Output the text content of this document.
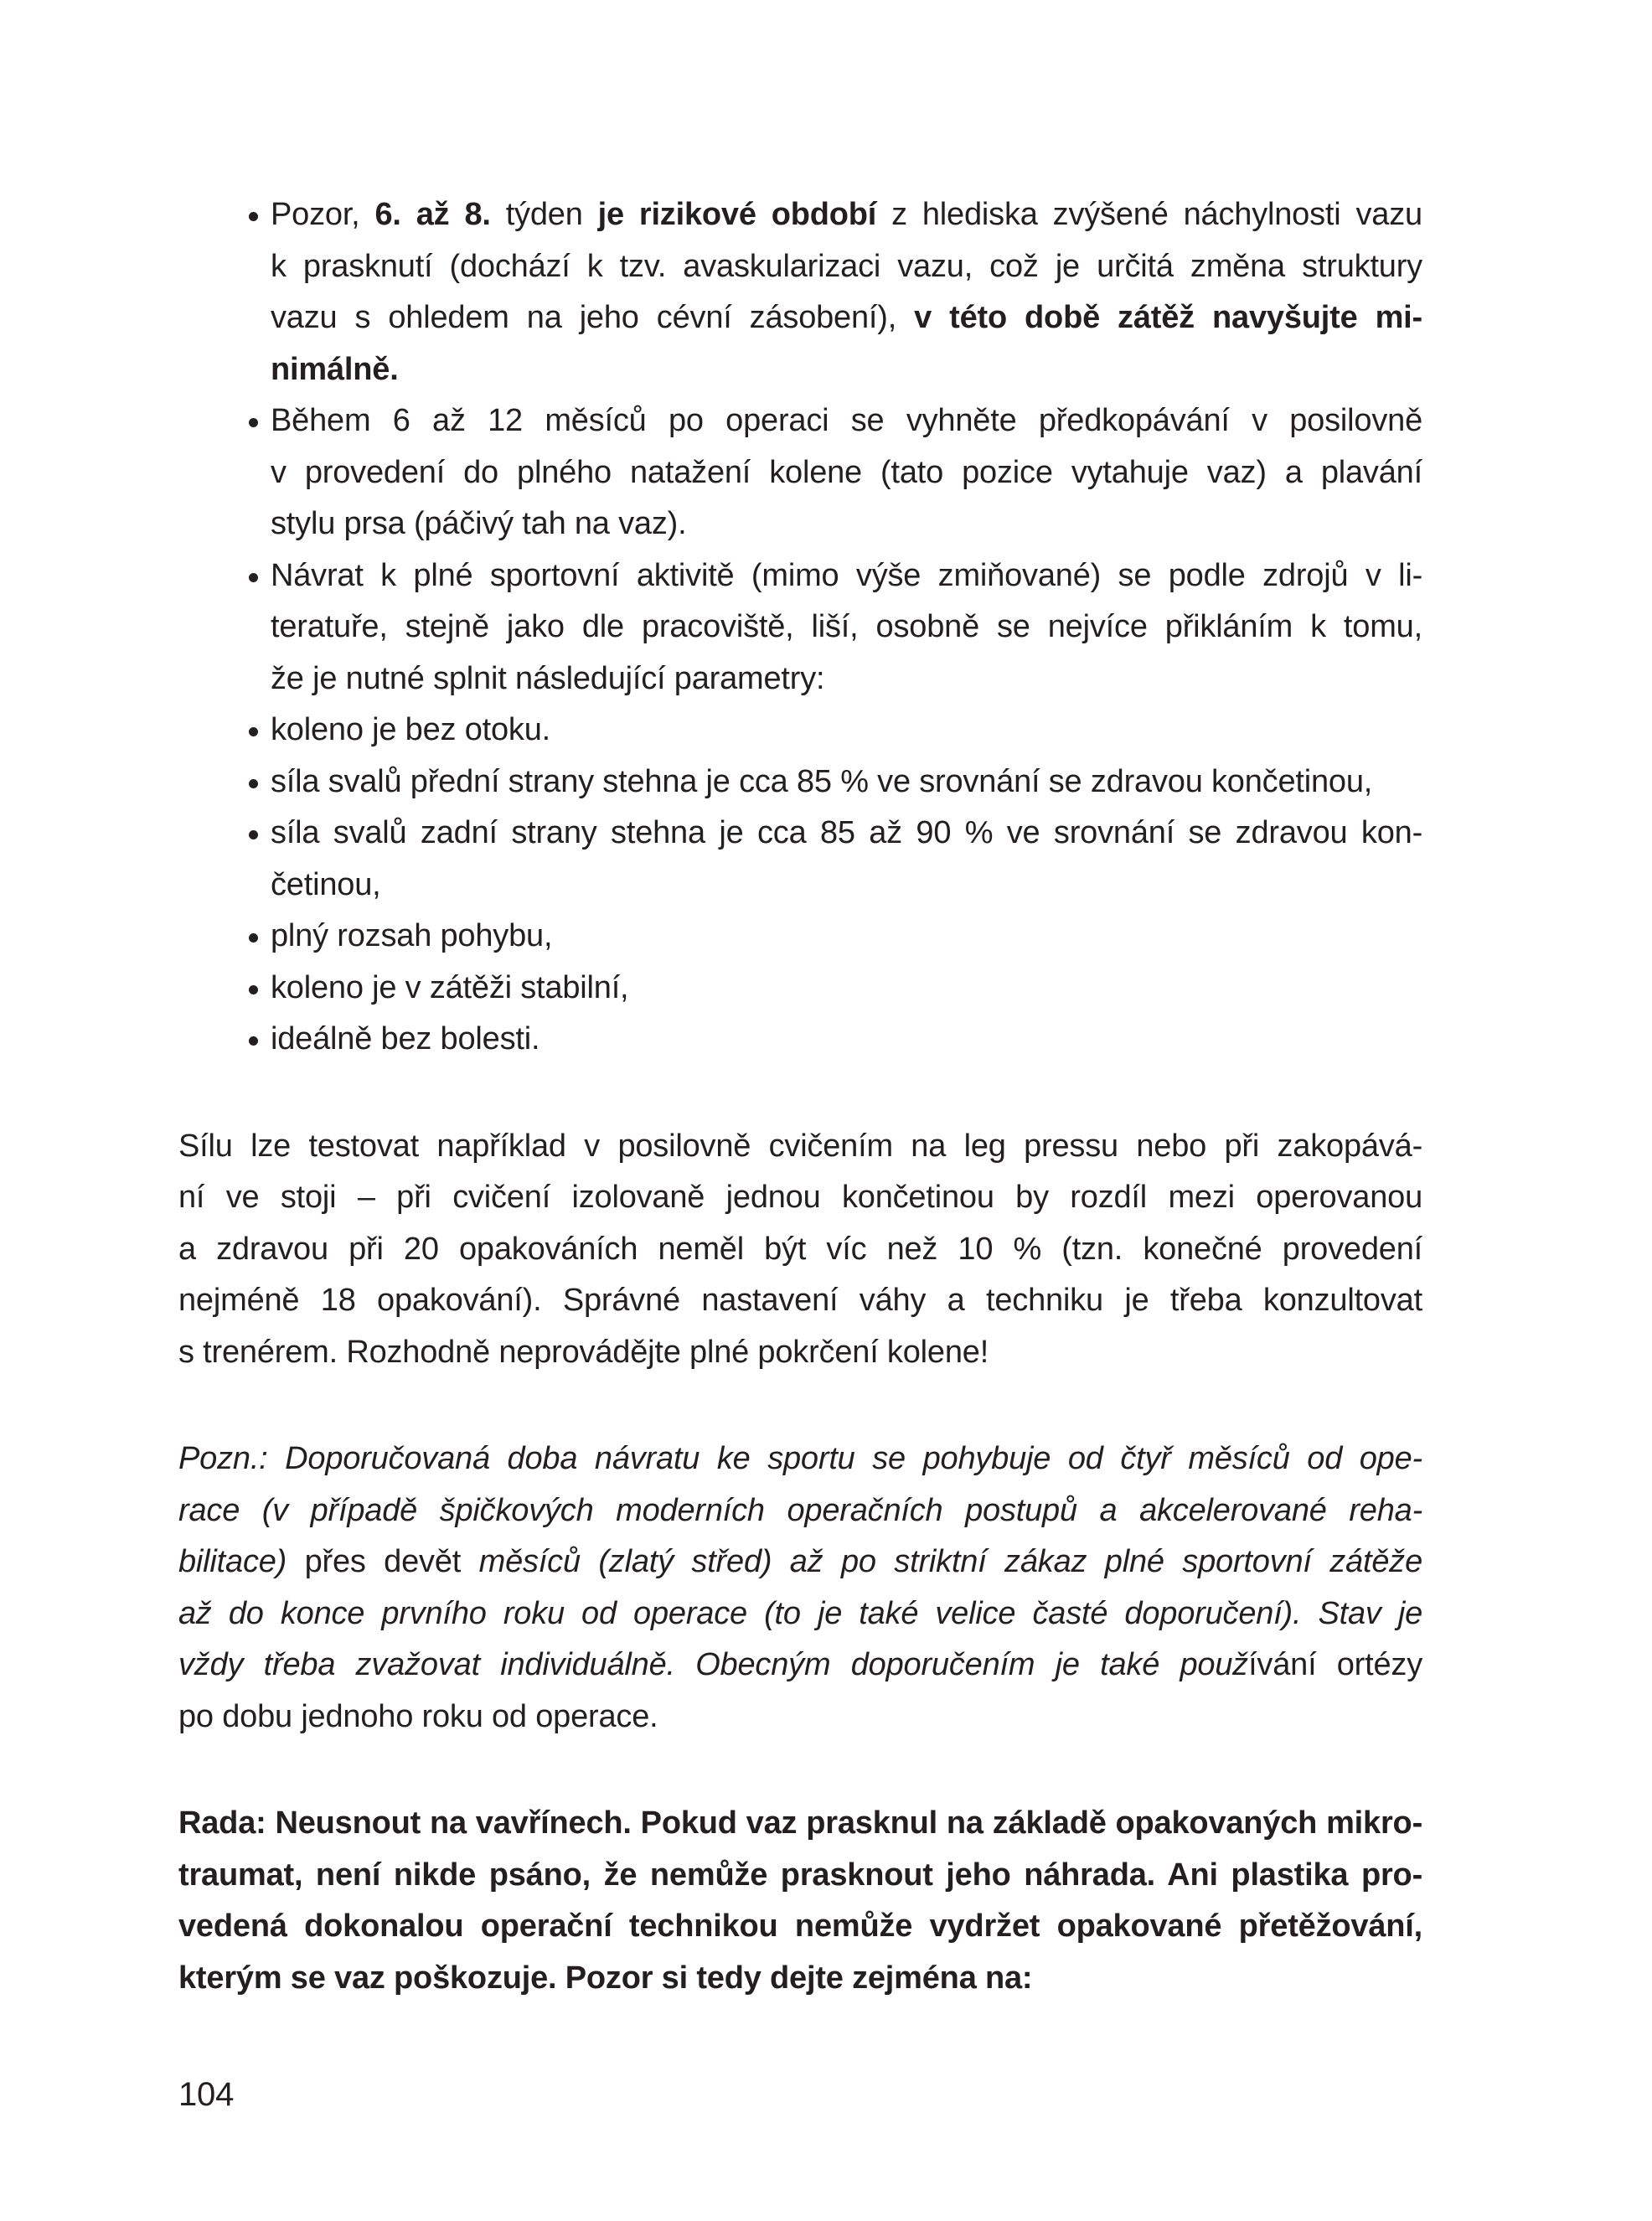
Pozor, 6. až 8. týden je rizikové období z hlediska zvýšené náchylnosti vazu
k prasknutí (dochází k tzv. avaskularizaci vazu, což je určitá změna struktury
vazu s ohledem na jeho cévní zásobení), v této době zátěž navyšujte mi-
nimálně.
Během 6 až 12 měsíců po operaci se vyhněte předkopávání v posilovně
v provedení do plného natažení kolene (tato pozice vytahuje vaz) a plavání
stylu prsa (páčivý tah na vaz).
Návrat k plné sportovní aktivitě (mimo výše zmiňované) se podle zdrojů v li-
teratuře, stejně jako dle pracoviště, liší, osobně se nejvíce přikláním k tomu,
že je nutné splnit následující parametry:
koleno je bez otoku.
síla svalů přední strany stehna je cca 85 % ve srovnání se zdravou končetinou,
síla svalů zadní strany stehna je cca 85 až 90 % ve srovnání se zdravou kon-
četinou,
plný rozsah pohybu,
koleno je v zátěži stabilní,
ideálně bez bolesti.
Sílu lze testovat například v posilovně cvičením na leg pressu nebo při zakopává-
ní ve stoji – při cvičení izolovaně jednou končetinou by rozdíl mezi operovanou
a zdravou při 20 opakováních neměl být víc než 10 % (tzn. konečné provedení
nejméně 18 opakování). Správné nastavení váhy a techniku je třeba konzultovat
s trenérem. Rozhodně neprovádějte plné pokrčení kolene!
Pozn.: Doporučovaná doba návratu ke sportu se pohybuje od čtyř měsíců od ope-
race (v případě špičkových moderních operačních postupů a akcelerované reha-
bilitace) přes devět měsíců (zlatý střed) až po striktní zákaz plné sportovní zátěže
až do konce prvního roku od operace (to je také velice časté doporučení). Stav je
vždy třeba zvažovat individuálně. Obecným doporučením je také používání ortézy
po dobu jednoho roku od operace.
Rada: Neusnout na vavřínech. Pokud vaz prasknul na základě opakovaných mikro-
traumat, není nikde psáno, že nemůže prasknout jeho náhrada. Ani plastika pro-
vedená dokonalou operační technikou nemůže vydržet opakované přetěžování,
kterým se vaz poškozuje. Pozor si tedy dejte zejména na:
104
